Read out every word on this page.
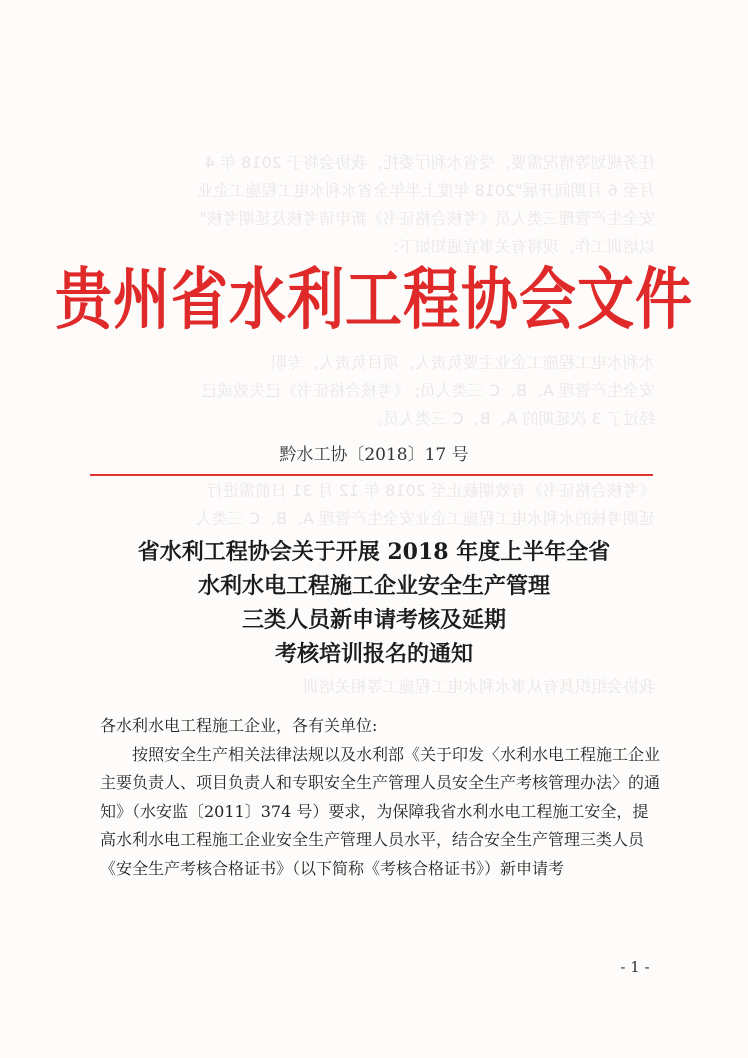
任务规划等情况需要，受省水利厅委托，我协会将于 2018 年 4
月至 6 月期间开展"2018 年度上半年全省水利水电工程施工企业
安全生产管理三类人员《考核合格证书》新申请考核及延期考核"
以培训工作，现将有关事宜通知如下:
水利水电工程施工企业主要负责人、项目负责人、专职
安全生产管理 A、B、C 三类人员; 《考核合格证书》已失效或已
经过了 3 次延期的 A、B、C 三类人员。
《考核合格证书》有效期截止至 2018 年 12 月 31 日前需进行
延期考核的水利水电工程施工企业安全生产管理 A、B、C 三类人
我协会组织具有从事水利水电工程施工等相关培训
贵州省水利工程协会文件
黔水工协〔2018〕17 号
省水利工程协会关于开展 2018 年度上半年全省
水利水电工程施工企业安全生产管理
三类人员新申请考核及延期
考核培训报名的通知

各水利水电工程施工企业，各有关单位:

按照安全生产相关法律法规以及水利部《关于印发〈水利水电工程施工企业主要负责人、项目负责人和专职安全生产管理人员安全生产考核管理办法〉的通知》（水安监〔2011〕374 号）要求，为保障我省水利水电工程施工安全，提高水利水电工程施工企业安全生产管理人员水平，结合安全生产管理三类人员《安全生产考核合格证书》（以下简称《考核合格证书》）新申请考

- 1 -
